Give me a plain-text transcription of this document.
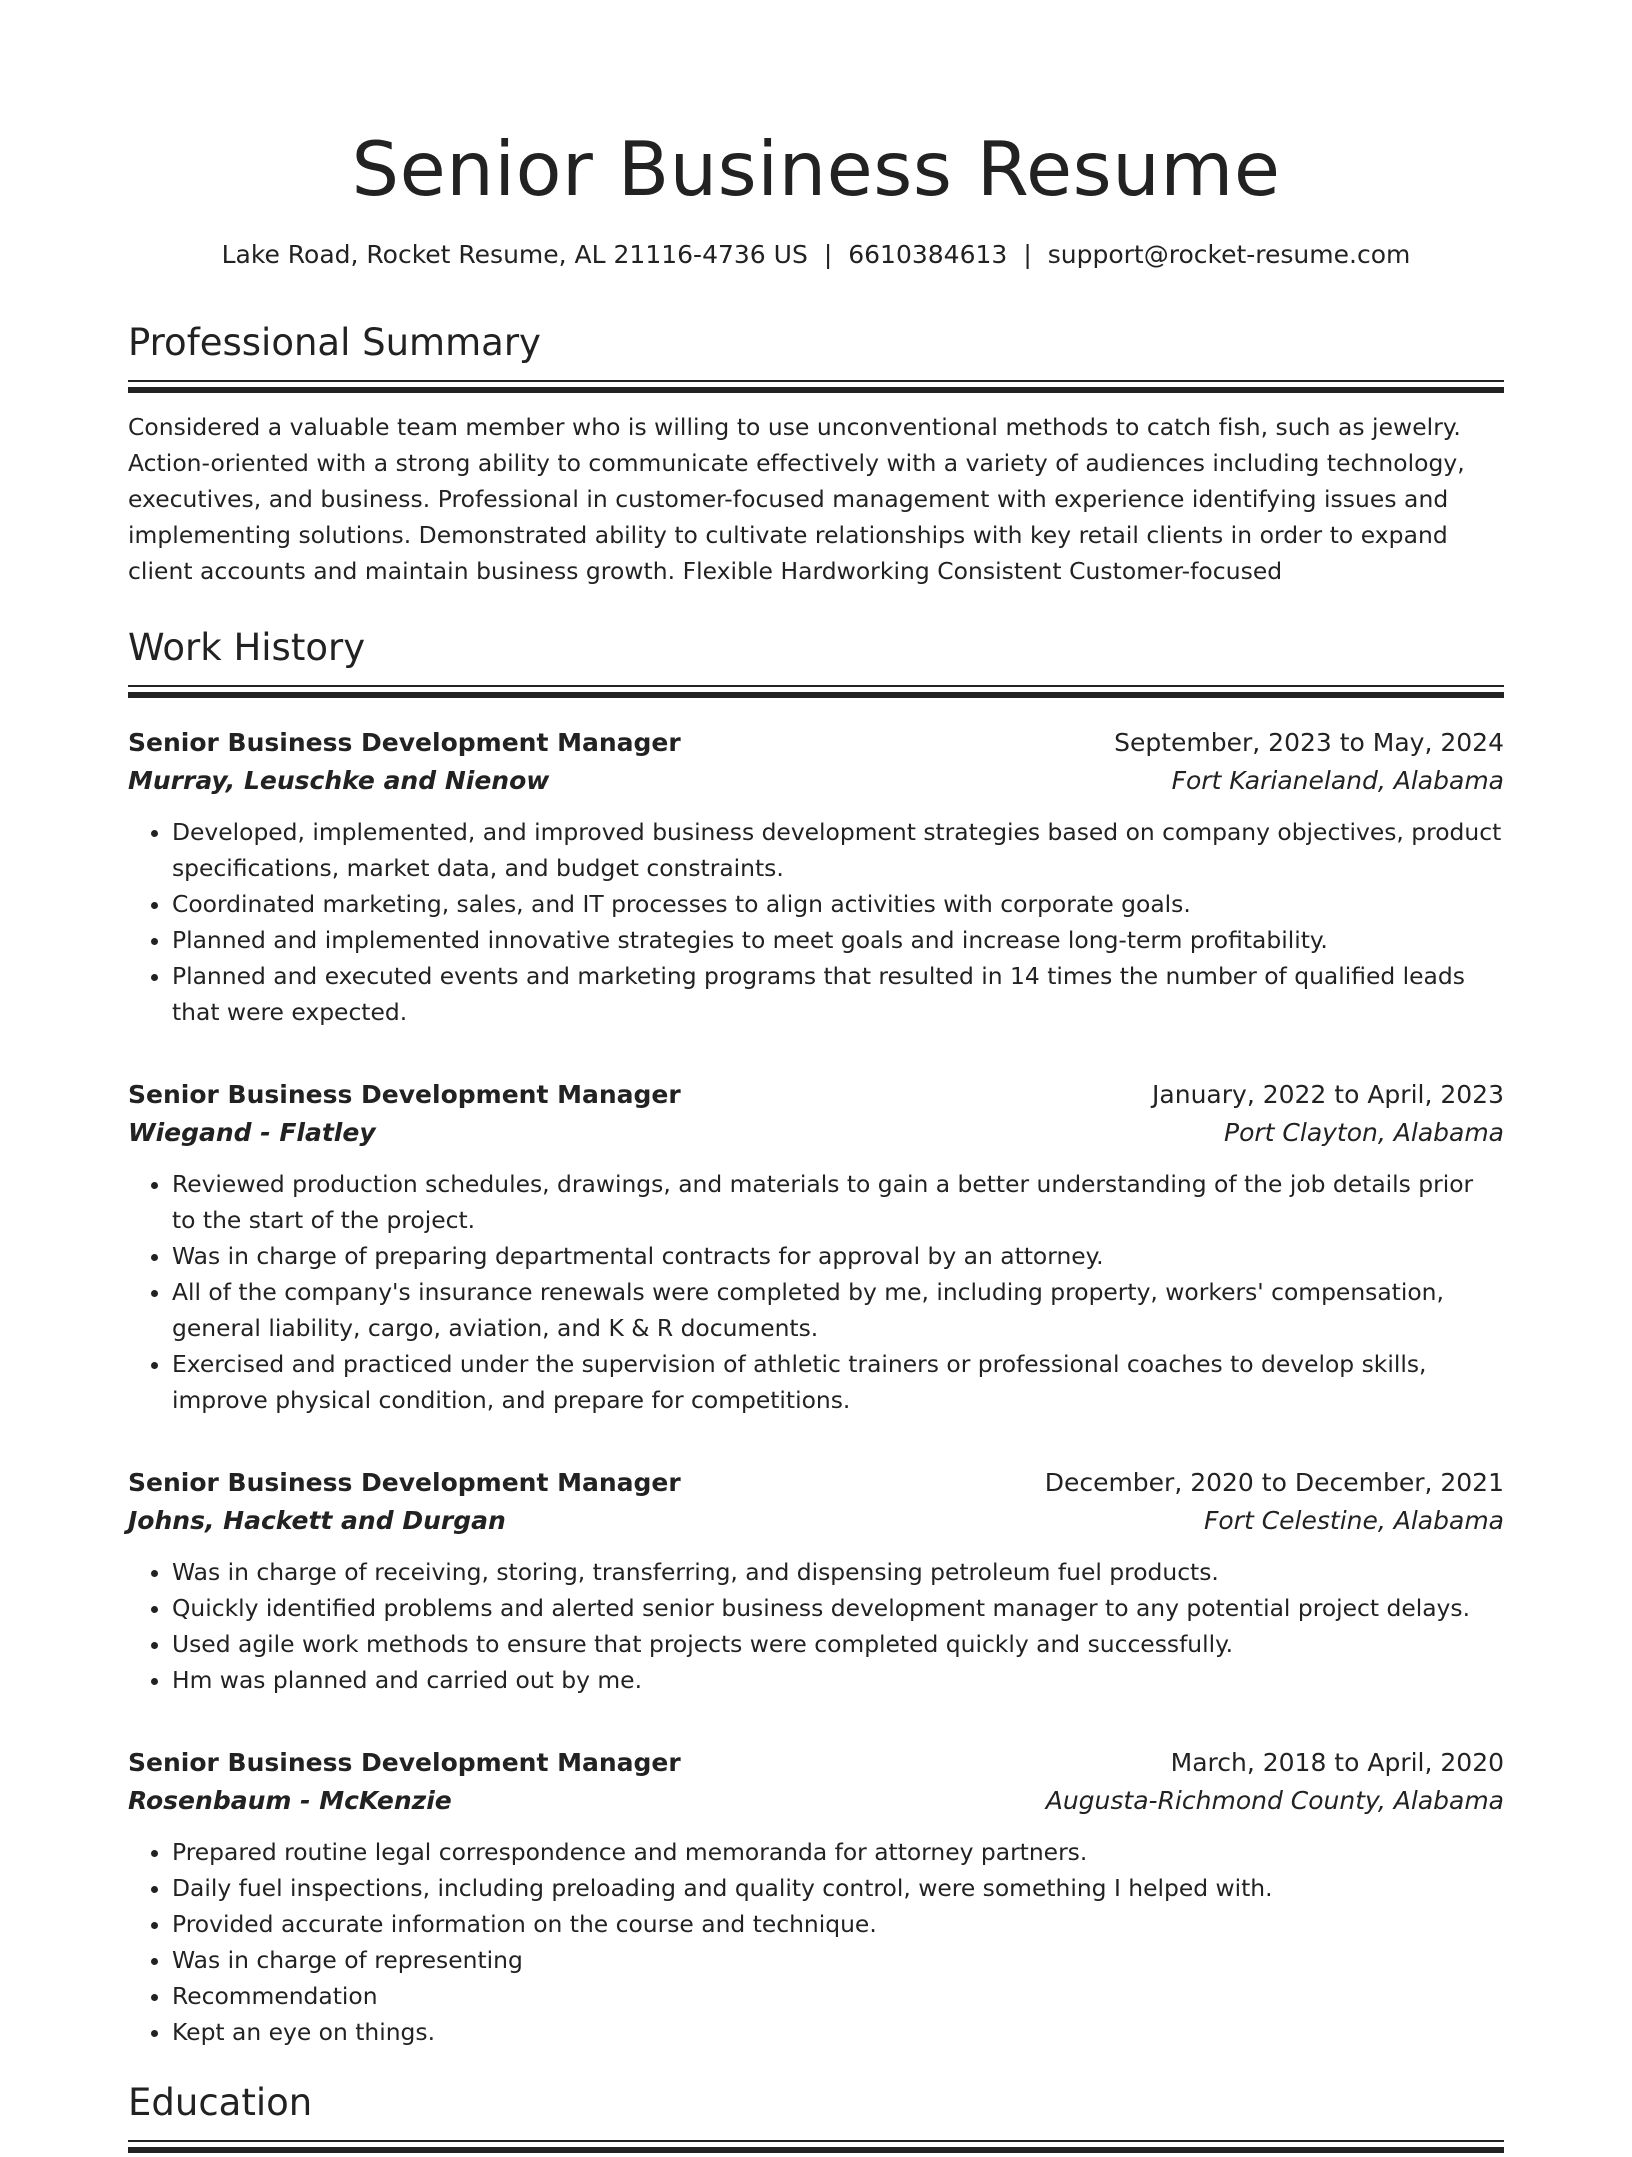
Senior Business Resume
Lake Road, Rocket Resume, AL 21116-4736 US | 6610384613 | support@rocket-resume.com
Professional Summary

Considered a valuable team member who is willing to use unconventional methods to catch fish, such as jewelry. Action-oriented with a strong ability to communicate effectively with a variety of audiences including technology, executives, and business. Professional in customer-focused management with experience identifying issues and implementing solutions. Demonstrated ability to cultivate relationships with key retail clients in order to expand client accounts and maintain business growth. Flexible Hardworking Consistent Customer-focused

Work History
Senior Business Development Manager	September, 2023 to May, 2024
Murray, Leuschke and Nienow	Fort Karianeland, Alabama
• Developed, implemented, and improved business development strategies based on company objectives, product specifications, market data, and budget constraints.
• Coordinated marketing, sales, and IT processes to align activities with corporate goals.
• Planned and implemented innovative strategies to meet goals and increase long-term profitability.
• Planned and executed events and marketing programs that resulted in 14 times the number of qualified leads that were expected.
Senior Business Development Manager	January, 2022 to April, 2023
Wiegand - Flatley	Port Clayton, Alabama
• Reviewed production schedules, drawings, and materials to gain a better understanding of the job details prior to the start of the project.
• Was in charge of preparing departmental contracts for approval by an attorney.
• All of the company's insurance renewals were completed by me, including property, workers' compensation, general liability, cargo, aviation, and K & R documents.
• Exercised and practiced under the supervision of athletic trainers or professional coaches to develop skills, improve physical condition, and prepare for competitions.
Senior Business Development Manager	December, 2020 to December, 2021
Johns, Hackett and Durgan	Fort Celestine, Alabama
• Was in charge of receiving, storing, transferring, and dispensing petroleum fuel products.
• Quickly identified problems and alerted senior business development manager to any potential project delays.
• Used agile work methods to ensure that projects were completed quickly and successfully.
• Hm was planned and carried out by me.
Senior Business Development Manager	March, 2018 to April, 2020
Rosenbaum - McKenzie	Augusta-Richmond County, Alabama
• Prepared routine legal correspondence and memoranda for attorney partners.
• Daily fuel inspections, including preloading and quality control, were something I helped with.
• Provided accurate information on the course and technique.
• Was in charge of representing
• Recommendation
• Kept an eye on things.
Education
